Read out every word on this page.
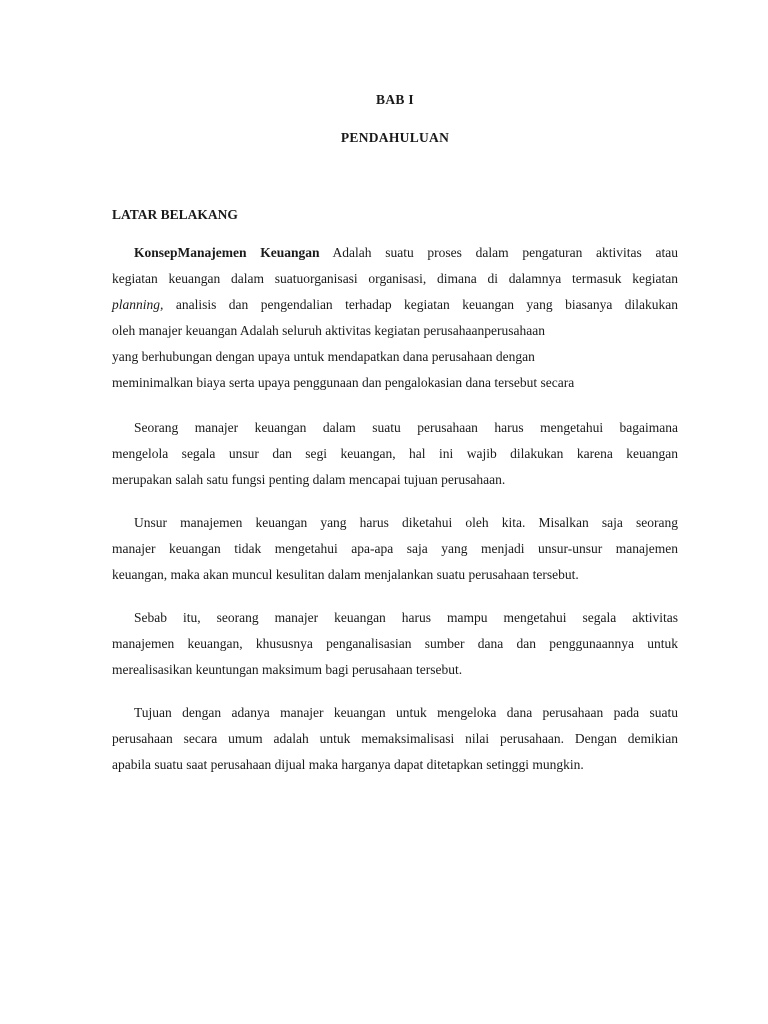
BAB I
PENDAHULUAN
LATAR BELAKANG
KonsepManajemen Keuangan Adalah suatu proses dalam pengaturan aktivitas atau
kegiatan keuangan dalam suatuorganisasi organisasi, dimana di dalamnya termasuk kegiatan
planning, analisis dan pengendalian terhadap kegiatan keuangan yang biasanya dilakukan
oleh manajer keuangan Adalah seluruh aktivitas kegiatan perusahaanperusahaan
yang berhubungan dengan upaya untuk mendapatkan dana perusahaan dengan
meminimalkan biaya serta upaya penggunaan dan pengalokasian dana tersebut secara
Seorang manajer keuangan dalam suatu perusahaan harus mengetahui bagaimana
mengelola segala unsur dan segi keuangan, hal ini wajib dilakukan karena keuangan
merupakan salah satu fungsi penting dalam mencapai tujuan perusahaan.
Unsur manajemen keuangan yang harus diketahui oleh kita. Misalkan saja seorang
manajer keuangan tidak mengetahui apa-apa saja yang menjadi unsur-unsur manajemen
keuangan, maka akan muncul kesulitan dalam menjalankan suatu perusahaan tersebut.
Sebab itu, seorang manajer keuangan harus mampu mengetahui segala aktivitas
manajemen keuangan, khususnya penganalisasian sumber dana dan penggunaannya untuk
merealisasikan keuntungan maksimum bagi perusahaan tersebut.
Tujuan dengan adanya manajer keuangan untuk mengeloka dana perusahaan pada suatu
perusahaan secara umum adalah untuk memaksimalisasi nilai perusahaan. Dengan demikian
apabila suatu saat perusahaan dijual maka harganya dapat ditetapkan setinggi mungkin.
